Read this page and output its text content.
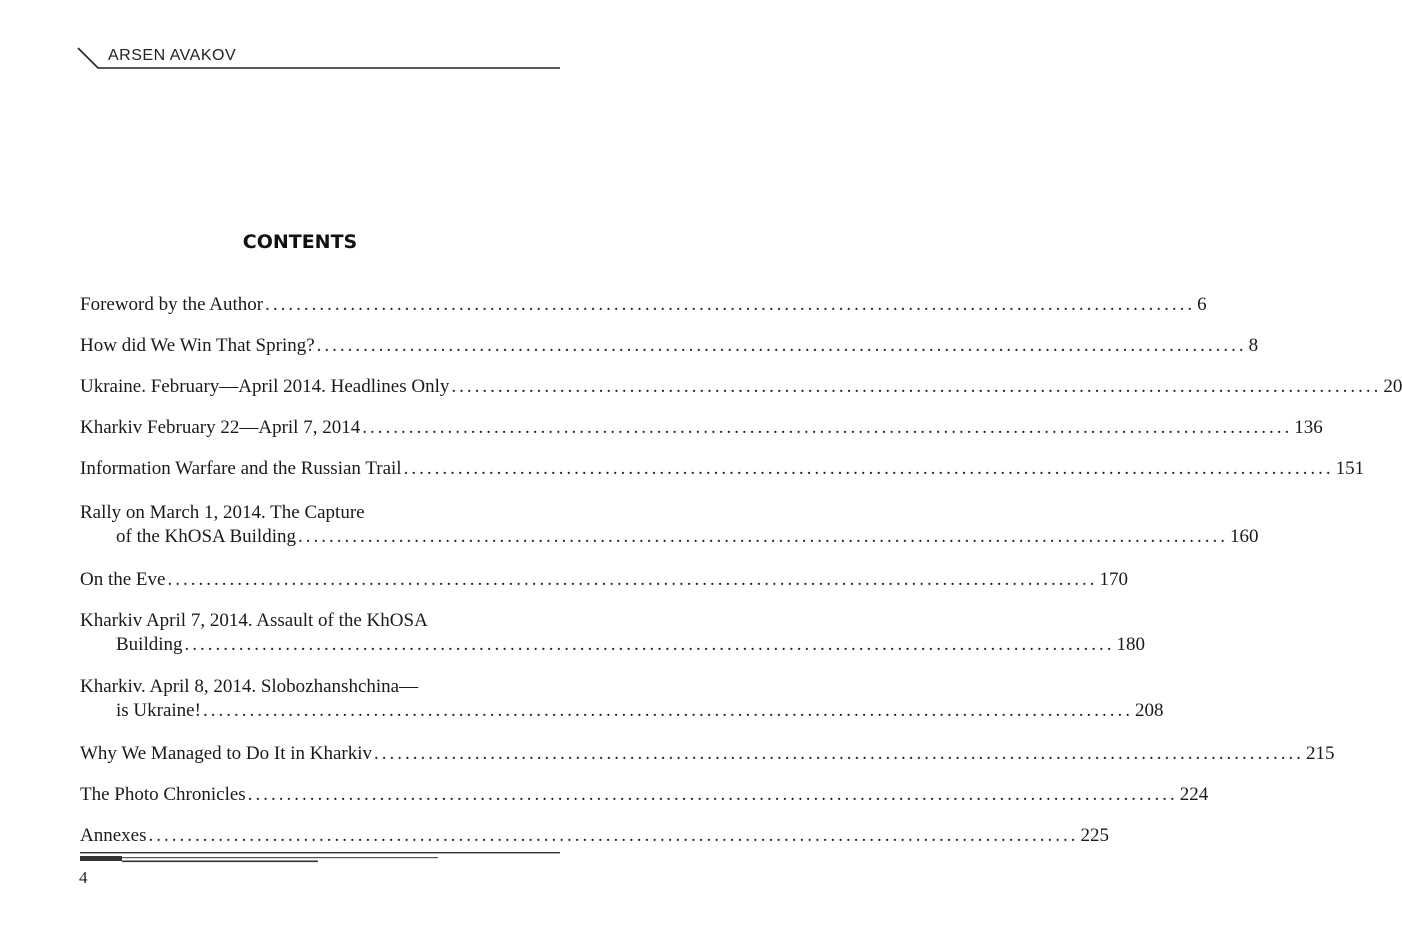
ARSEN AVAKOV
CONTENTS
Foreword by the Author ........................................................................................................................ 6
How did We Win That Spring? ........................................................................................................................ 8
Ukraine. February—April 2014. Headlines Only ........................................................................................................................ 20
Kharkiv February 22—April 7, 2014 ........................................................................................................................ 136
Information Warfare and the Russian Trail ........................................................................................................................ 151
Rally on March 1, 2014. The Capture
of the KhOSA Building ........................................................................................................................ 160
On the Eve ........................................................................................................................ 170
Kharkiv April 7, 2014. Assault of the KhOSA
Building ........................................................................................................................ 180
Kharkiv. April 8, 2014. Slobozhanshchina—
is Ukraine! ........................................................................................................................ 208
Why We Managed to Do It in Kharkiv ........................................................................................................................ 215
The Photo Chronicles ........................................................................................................................ 224
Annexes ........................................................................................................................ 225
4
